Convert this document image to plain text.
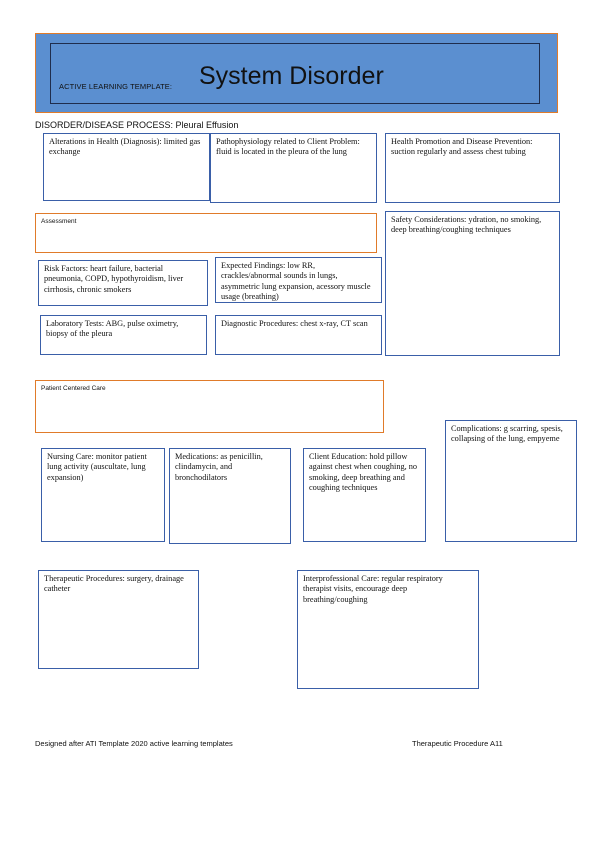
ACTIVE LEARNING TEMPLATE: System Disorder
DISORDER/DISEASE PROCESS: Pleural Effusion
Alterations in Health (Diagnosis): limited gas exchange
Pathophysiology related to Client Problem: fluid is located in the pleura of the lung
Health Promotion and Disease Prevention: suction regularly and assess chest tubing
Assessment	Safety Considerations: ydration, no smoking, deep breathing/coughing techniques
Risk Factors: heart failure, bacterial pneumonia, COPD, hypothyroidism, liver cirrhosis, chronic smokers
Expected Findings: low RR, crackles/abnormal sounds in lungs, asymmetric lung expansion, acessory muscle usage (breathing)
Laboratory Tests: ABG, pulse oximetry, biopsy of the pleura
Diagnostic Procedures: chest x-ray, CT scan
Patient Centered Care
Complications: g scarring, spesis, collapsing of the lung, empyeme
Nursing Care: monitor patient lung activity (auscultate, lung expansion)
Medications: as penicillin, clindamycin, and bronchodilators
Client Education: hold pillow against chest when coughing, no smoking, deep breathing and coughing techniques
Therapeutic Procedures: surgery, drainage catheter
Interprofessional Care: regular respiratory therapist visits, encourage deep breathing/coughing
Designed after ATI Template 2020 active learning templates	Therapeutic Procedure A11
